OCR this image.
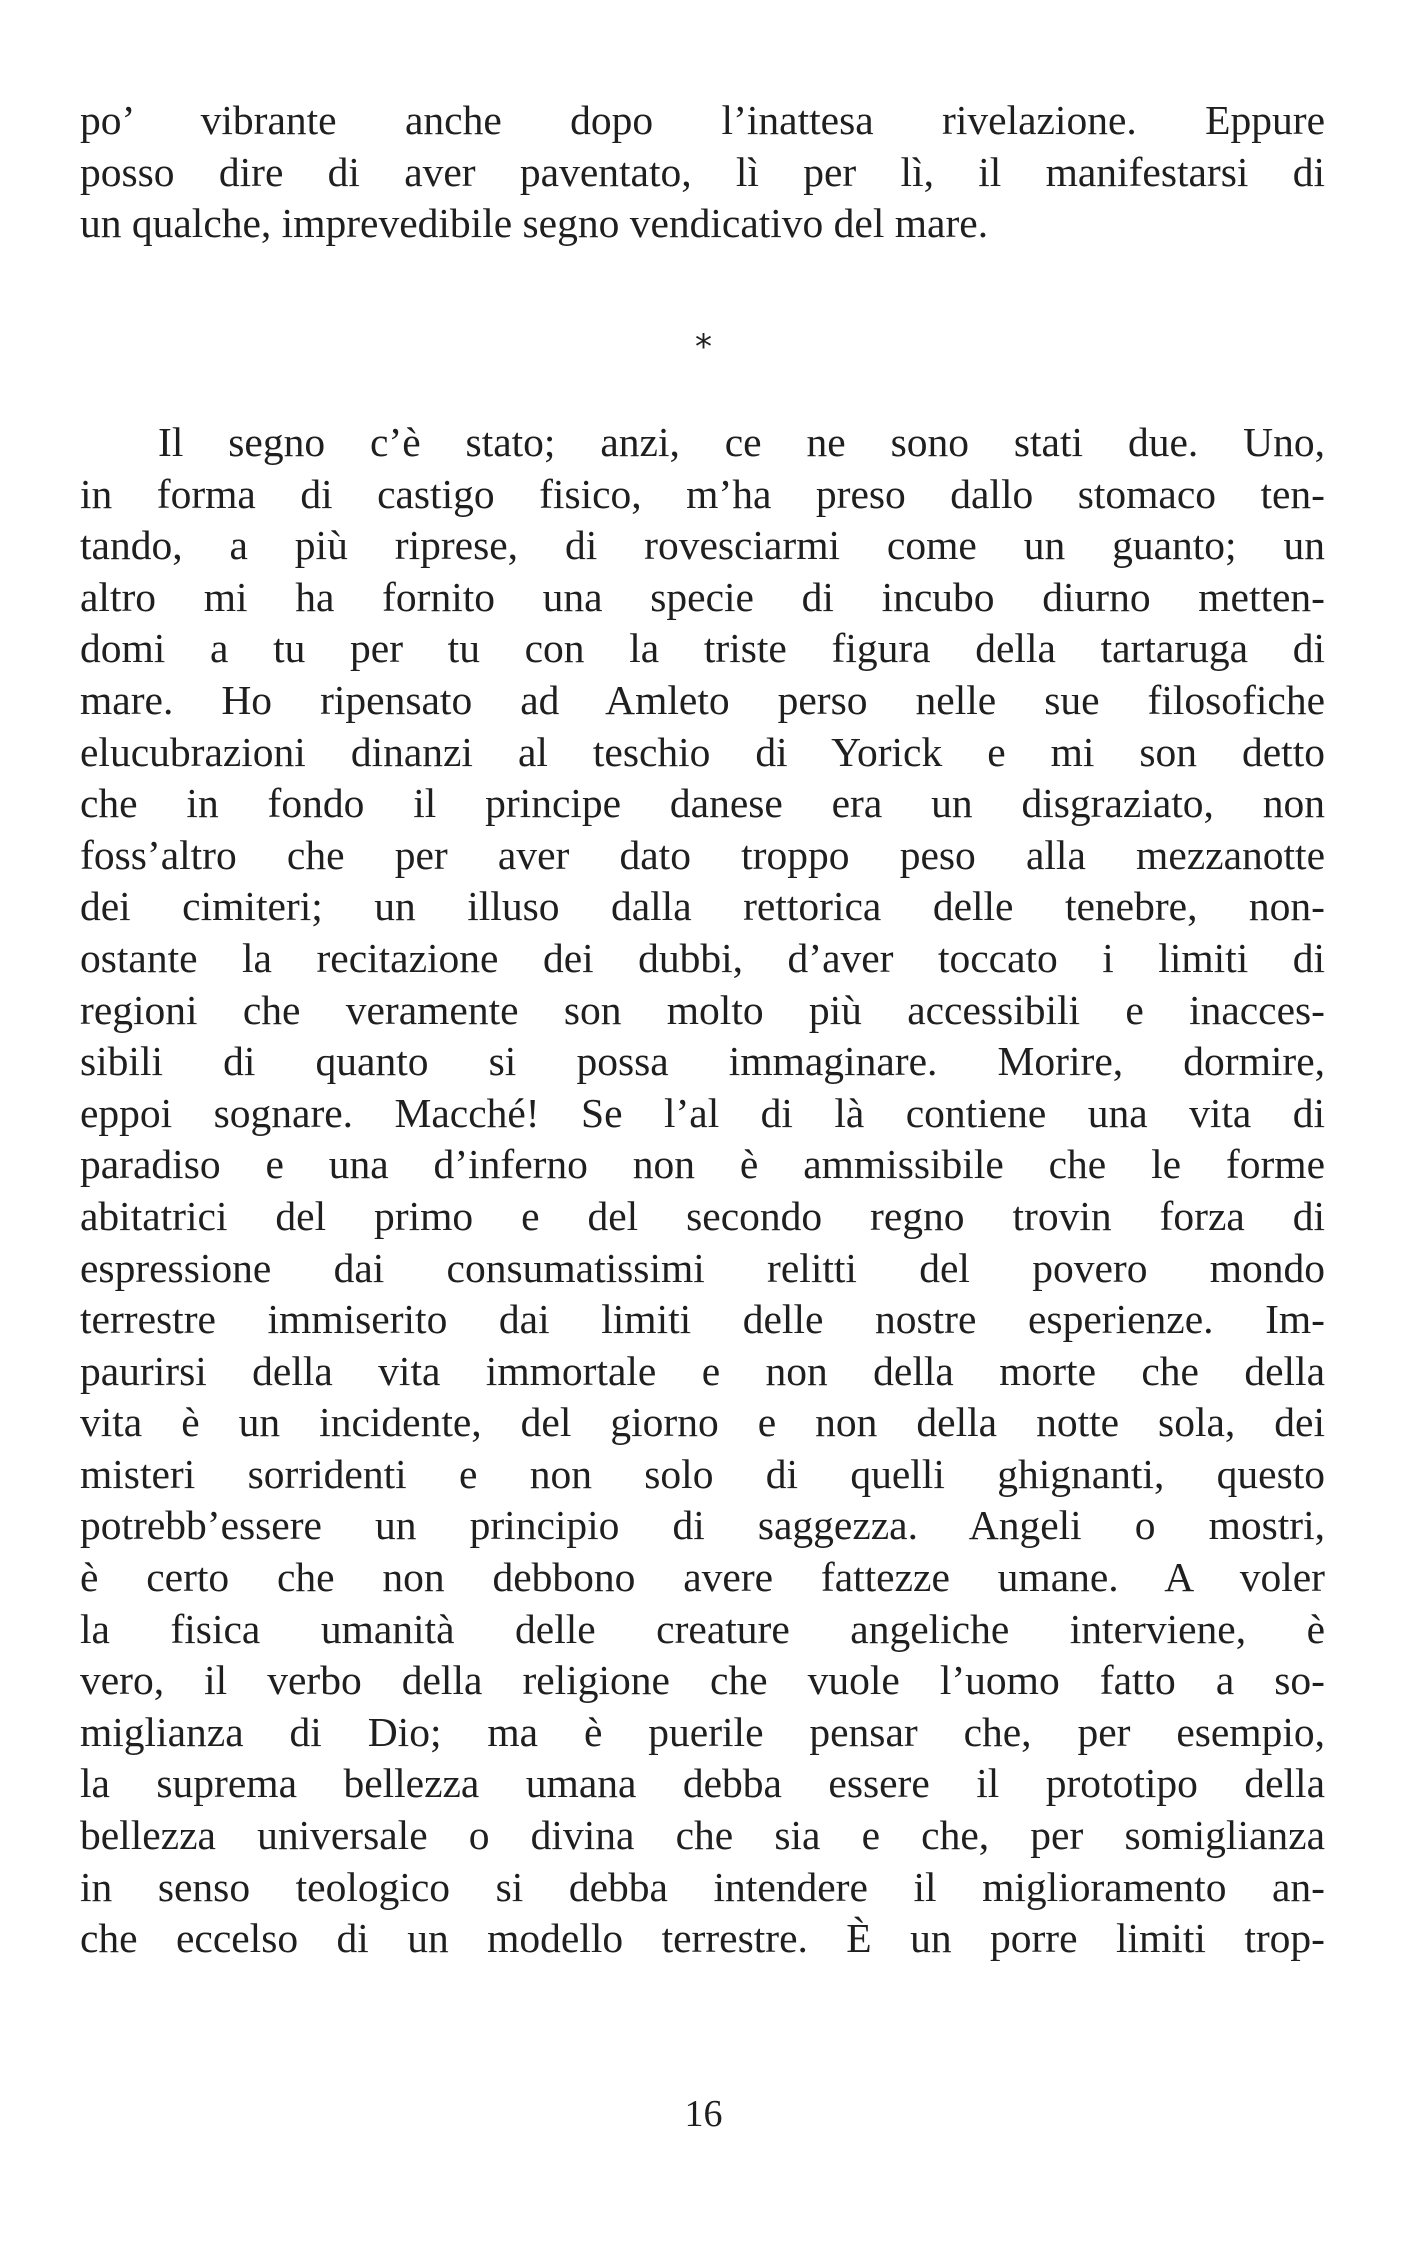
po’ vibrante anche dopo l’inattesa rivelazione. Eppure
posso dire di aver paventato, lì per lì, il manifestarsi di
un qualche, imprevedibile segno vendicativo del mare.
*
Il segno c’è stato; anzi, ce ne sono stati due. Uno,
in forma di castigo fisico, m’ha preso dallo stomaco ten-
tando, a più riprese, di rovesciarmi come un guanto; un
altro mi ha fornito una specie di incubo diurno metten-
domi a tu per tu con la triste figura della tartaruga di
mare. Ho ripensato ad Amleto perso nelle sue filosofiche
elucubrazioni dinanzi al teschio di Yorick e mi son detto
che in fondo il principe danese era un disgraziato, non
foss’altro che per aver dato troppo peso alla mezzanotte
dei cimiteri; un illuso dalla rettorica delle tenebre, non-
ostante la recitazione dei dubbi, d’aver toccato i limiti di
regioni che veramente son molto più accessibili e inacces-
sibili di quanto si possa immaginare. Morire, dormire,
eppoi sognare. Macché! Se l’al di là contiene una vita di
paradiso e una d’inferno non è ammissibile che le forme
abitatrici del primo e del secondo regno trovin forza di
espressione dai consumatissimi relitti del povero mondo
terrestre immiserito dai limiti delle nostre esperienze. Im-
paurirsi della vita immortale e non della morte che della
vita è un incidente, del giorno e non della notte sola, dei
misteri sorridenti e non solo di quelli ghignanti, questo
potrebb’essere un principio di saggezza. Angeli o mostri,
è certo che non debbono avere fattezze umane. A voler
la fisica umanità delle creature angeliche interviene, è
vero, il verbo della religione che vuole l’uomo fatto a so-
miglianza di Dio; ma è puerile pensar che, per esempio,
la suprema bellezza umana debba essere il prototipo della
bellezza universale o divina che sia e che, per somiglianza
in senso teologico si debba intendere il miglioramento an-
che eccelso di un modello terrestre. È un porre limiti trop-
16
